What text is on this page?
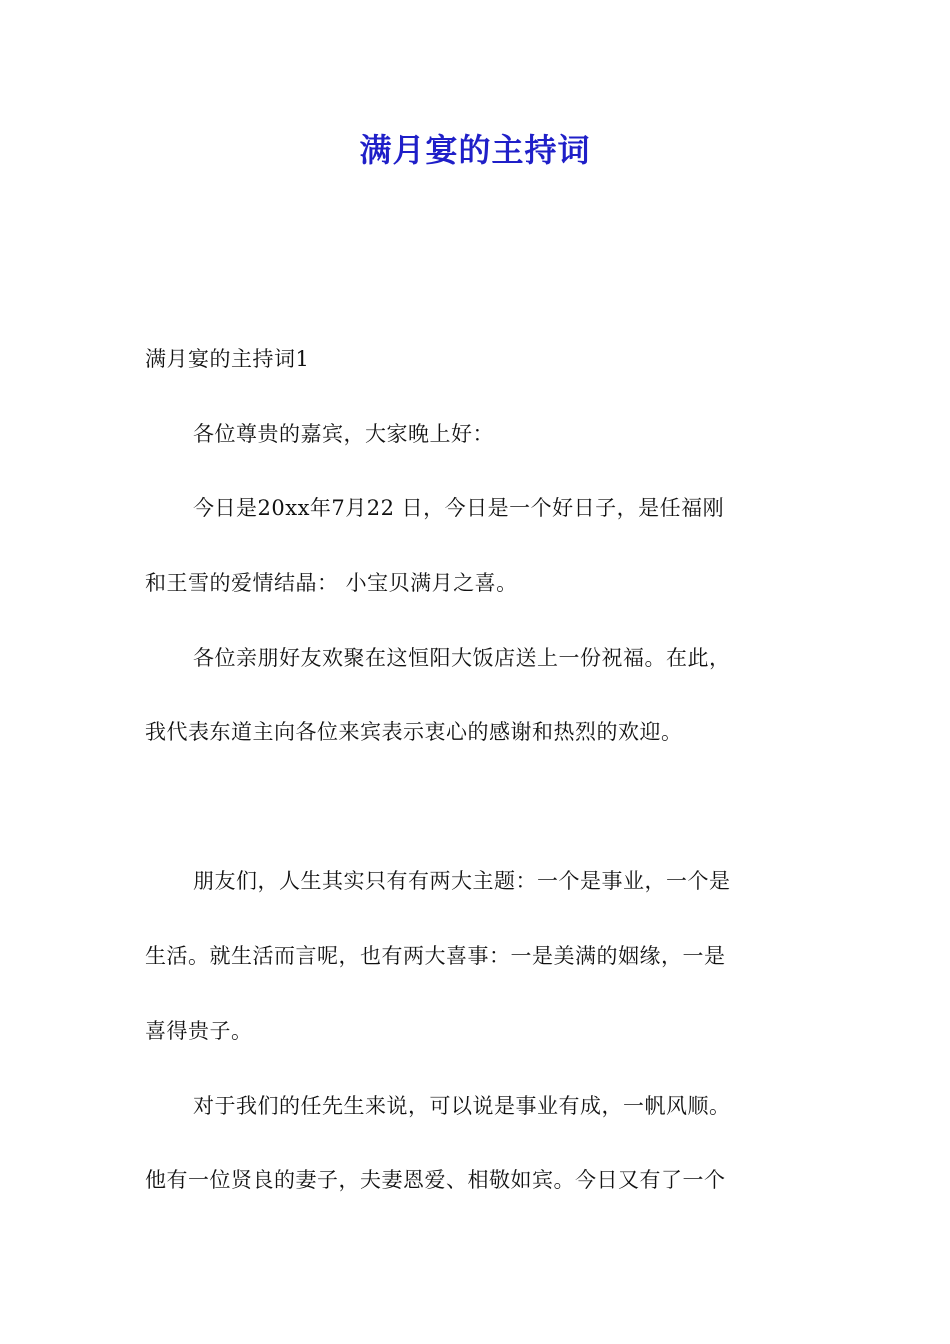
满月宴的主持词
满月宴的主持词1
各位尊贵的嘉宾，大家晚上好：
今日是20xx年7月22 日，今日是一个好日子，是任福刚
和王雪的爱情结晶： 小宝贝满月之喜。
各位亲朋好友欢聚在这恒阳大饭店送上一份祝福。在此，
我代表东道主向各位来宾表示衷心的感谢和热烈的欢迎。
朋友们，人生其实只有有两大主题：一个是事业，一个是
生活。就生活而言呢，也有两大喜事：一是美满的姻缘，一是
喜得贵子。
对于我们的任先生来说，可以说是事业有成，一帆风顺。
他有一位贤良的妻子，夫妻恩爱、相敬如宾。今日又有了一个
